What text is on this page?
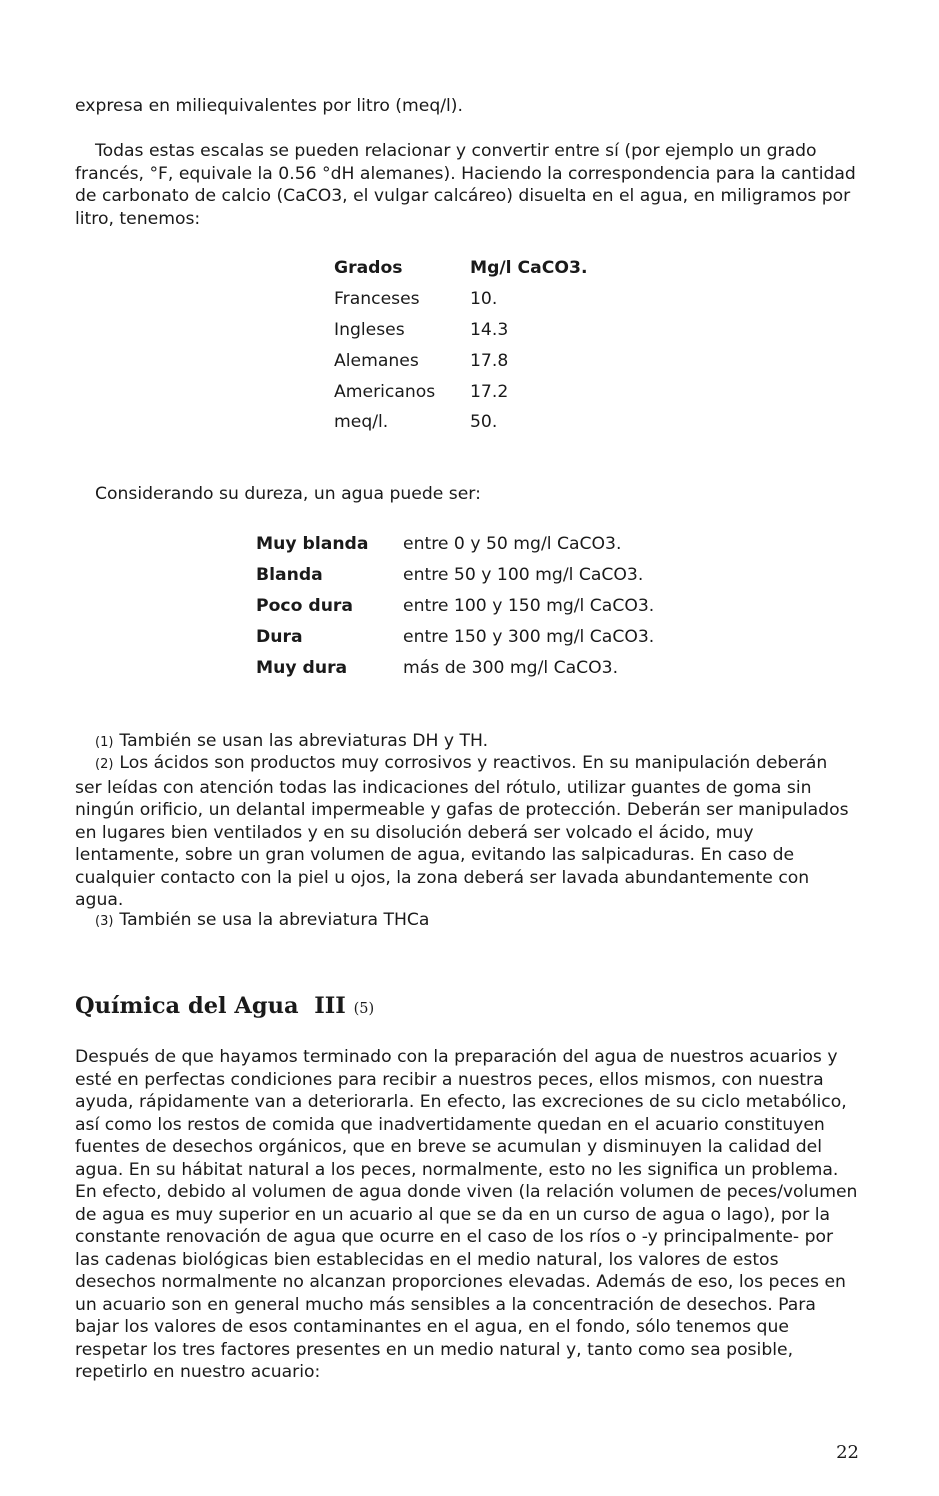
expresa en miliequivalentes por litro (meq/l).

Todas estas escalas se pueden relacionar y convertir entre sí (por ejemplo un grado francés, °F, equivale la 0.56 °dH alemanes). Haciendo la correspondencia para la cantidad de carbonato de calcio (CaCO3, el vulgar calcáreo) disuelta en el agua, en miligramos por litro, tenemos:

Grados	Mg/l CaCO3.
Franceses	10.
Ingleses	14.3
Alemanes	17.8
Americanos	17.2
meq/l.	50.

Considerando su dureza, un agua puede ser:

Muy blanda	entre 0 y 50 mg/l CaCO3.
Blanda	entre 50 y 100 mg/l CaCO3.
Poco dura	entre 100 y 150 mg/l CaCO3.
Dura	entre 150 y 300 mg/l CaCO3.
Muy dura	más de 300 mg/l CaCO3.

(1) También se usan las abreviaturas DH y TH.

(2) Los ácidos son productos muy corrosivos y reactivos. En su manipulación deberán ser leídas con atención todas las indicaciones del rótulo, utilizar guantes de goma sin ningún orificio, un delantal impermeable y gafas de protección. Deberán ser manipulados en lugares bien ventilados y en su disolución deberá ser volcado el ácido, muy lentamente, sobre un gran volumen de agua, evitando las salpicaduras. En caso de cualquier contacto con la piel u ojos, la zona deberá ser lavada abundantemente con agua.

(3) También se usa la abreviatura THCa

Química del Agua  III (5)

Después de que hayamos terminado con la preparación del agua de nuestros acuarios y esté en perfectas condiciones para recibir a nuestros peces, ellos mismos, con nuestra ayuda, rápidamente van a deteriorarla. En efecto, las excreciones de su ciclo metabólico, así como los restos de comida que inadvertidamente quedan en el acuario constituyen fuentes de desechos orgánicos, que en breve se acumulan y disminuyen la calidad del agua. En su hábitat natural a los peces, normalmente, esto no les significa un problema. En efecto, debido al volumen de agua donde viven (la relación volumen de peces/volumen de agua es muy superior en un acuario al que se da en un curso de agua o lago), por la constante renovación de agua que ocurre en el caso de los ríos o -y principalmente- por las cadenas biológicas bien establecidas en el medio natural, los valores de estos desechos normalmente no alcanzan proporciones elevadas. Además de eso, los peces en un acuario son en general mucho más sensibles a la concentración de desechos. Para bajar los valores de esos contaminantes en el agua, en el fondo, sólo tenemos que respetar los tres factores presentes en un medio natural y, tanto como sea posible, repetirlo en nuestro acuario:

22
